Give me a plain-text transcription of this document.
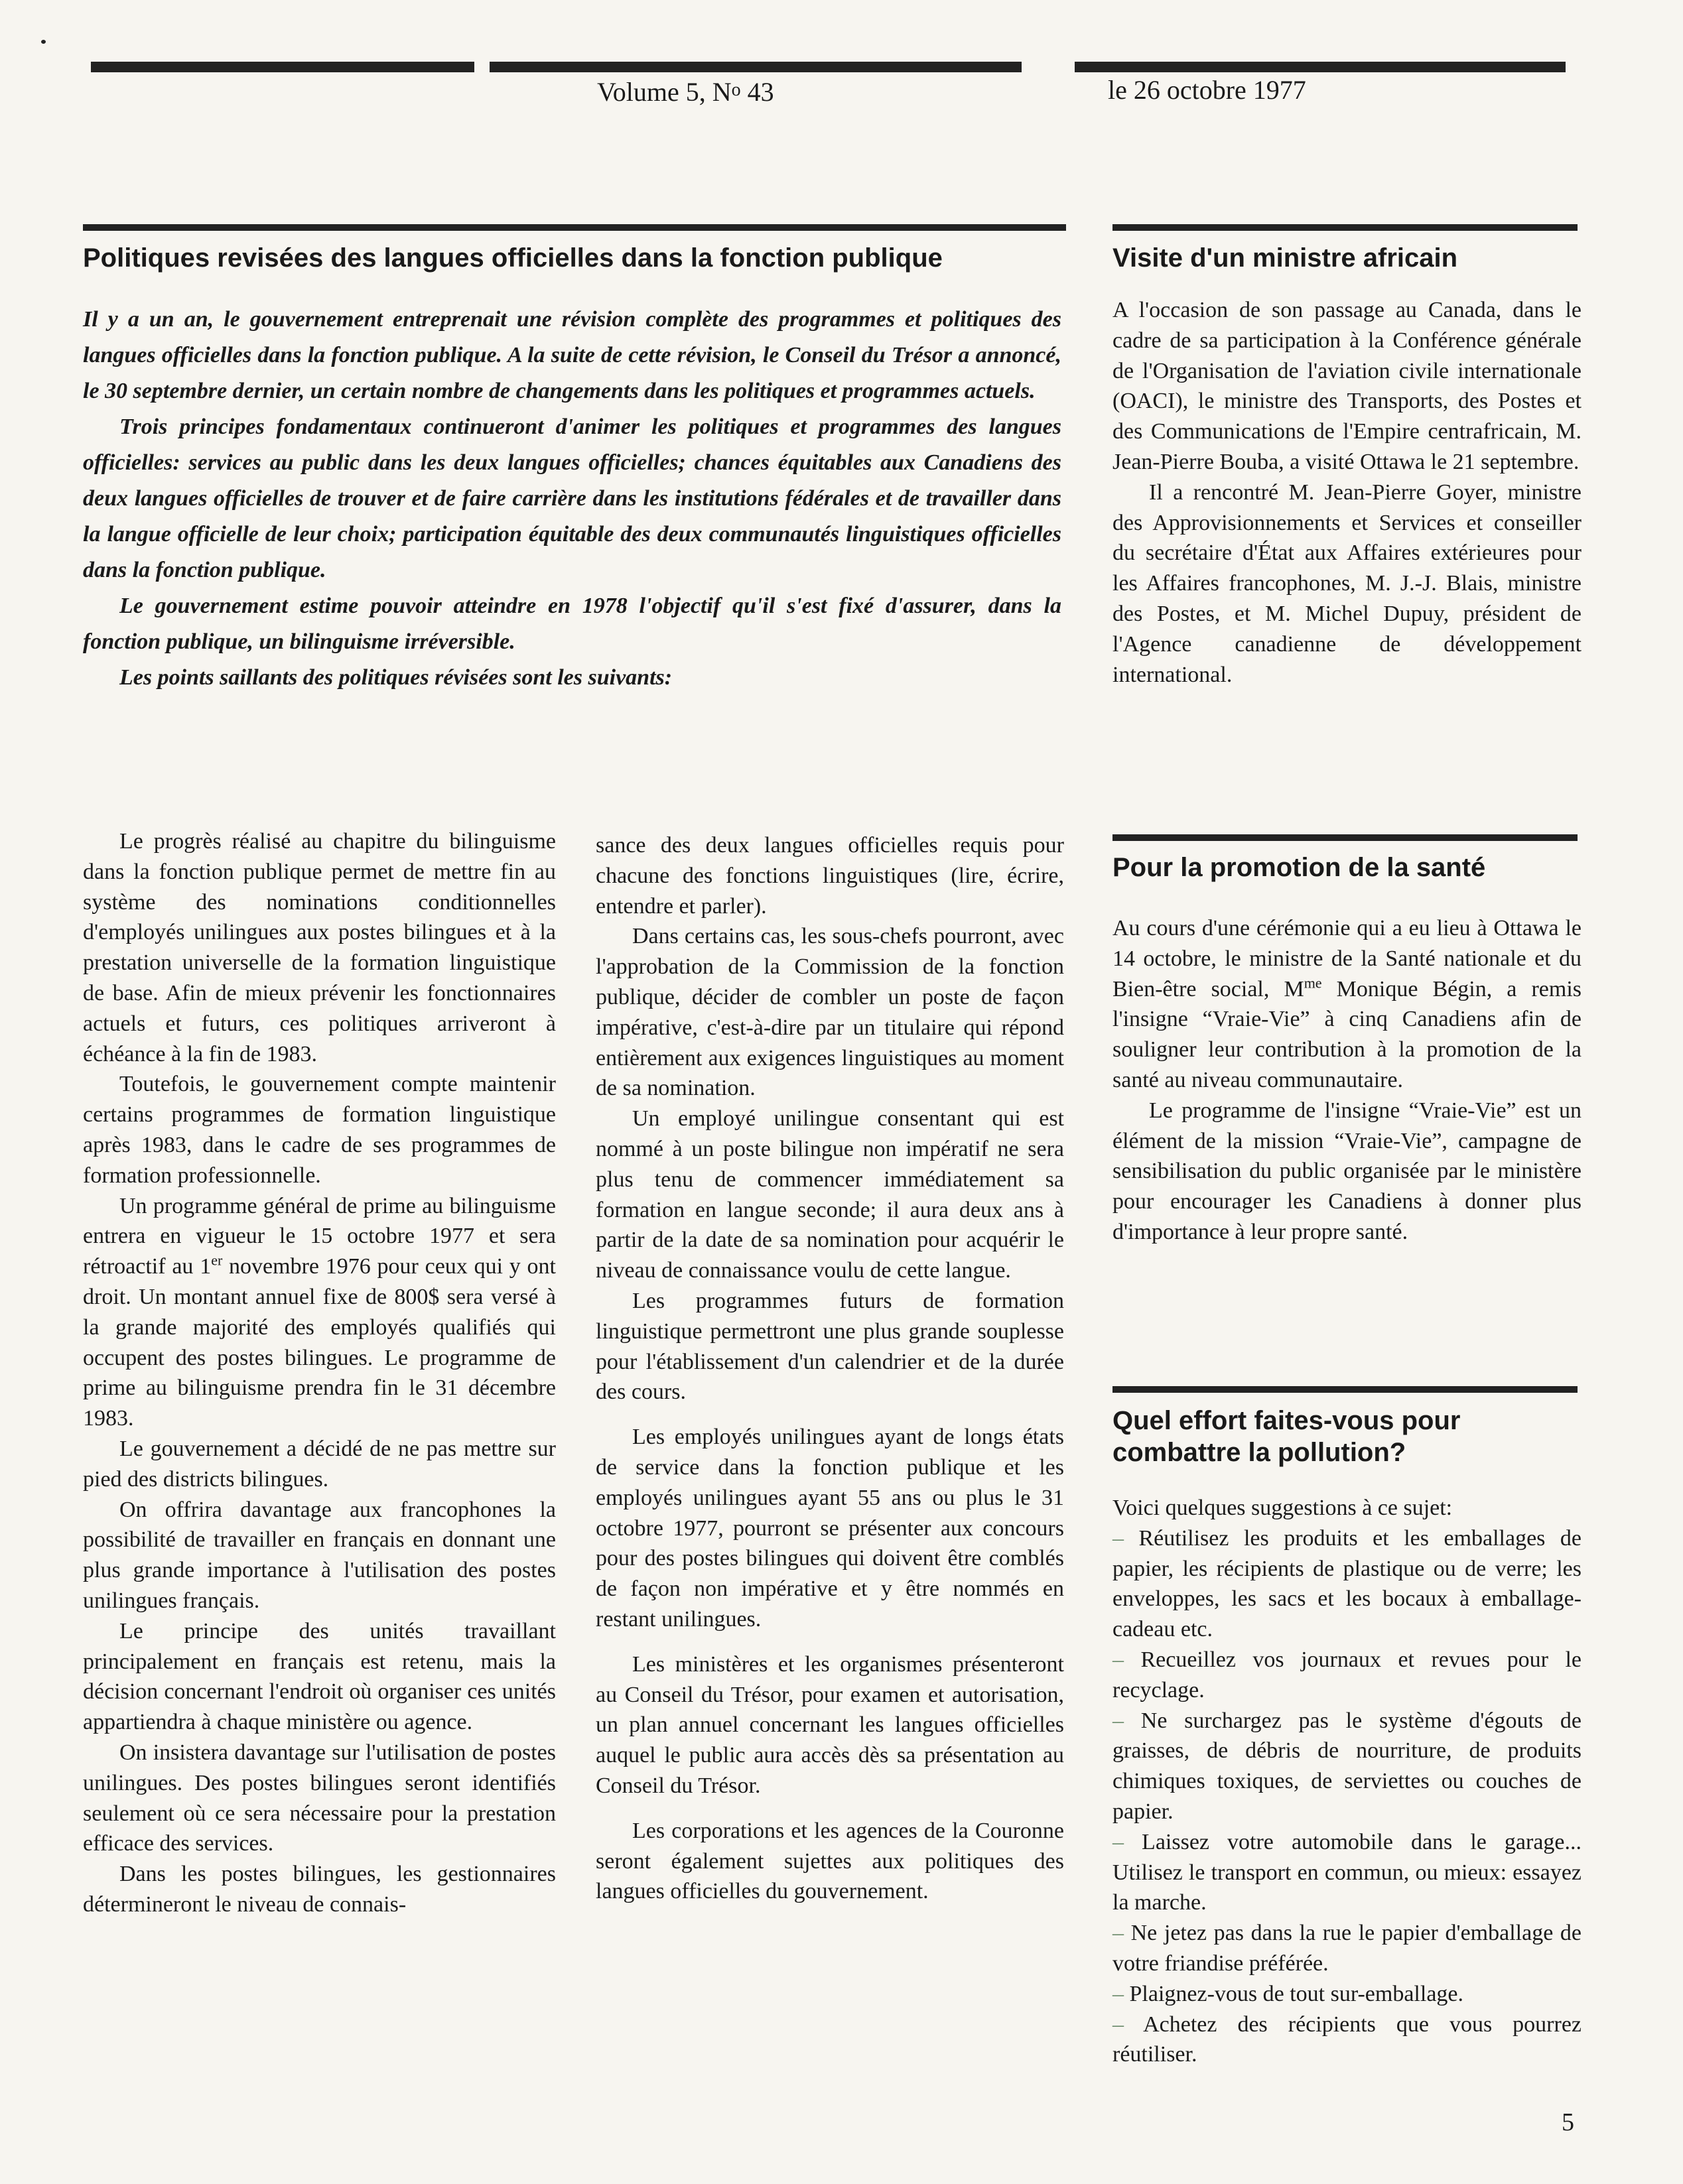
Volume 5, $N^o$ 43	le 26 octobre 1977
Politiques revisées des langues officielles dans la fonction publique

Il y a un an, le gouvernement entreprenait une révision complète des programmes et politiques des langues officielles dans la fonction publique. A la suite de cette révision, le Conseil du Trésor a annoncé, le 30 septembre dernier, un certain nombre de changements dans les politiques et programmes actuels.

Trois principes fondamentaux continueront d'animer les politiques et programmes des langues officielles: services au public dans les deux langues officielles; chances équitables aux Canadiens des deux langues officielles de trouver et de faire carrière dans les institutions fédérales et de travailler dans la langue officielle de leur choix; participation équitable des deux communautés linguistiques officielles dans la fonction publique.

Le gouvernement estime pouvoir atteindre en 1978 l'objectif qu'il s'est fixé d'assurer, dans la fonction publique, un bilinguisme irréversible.

Les points saillants des politiques révisées sont les suivants:

Le progrès réalisé au chapitre du bilinguisme dans la fonction publique permet de mettre fin au système des nominations conditionnelles d'employés unilingues aux postes bilingues et à la prestation universelle de la formation linguistique de base. Afin de mieux prévenir les fonctionnaires actuels et futurs, ces politiques arriveront à échéance à la fin de 1983.

Toutefois, le gouvernement compte maintenir certains programmes de formation linguistique après 1983, dans le cadre de ses programmes de formation professionnelle.

Un programme général de prime au bilinguisme entrera en vigueur le 15 octobre 1977 et sera rétroactif au 1er novembre 1976 pour ceux qui y ont droit. Un montant annuel fixe de 800$ sera versé à la grande majorité des employés qualifiés qui occupent des postes bilingues. Le programme de prime au bilinguisme prendra fin le 31 décembre 1983.

Le gouvernement a décidé de ne pas mettre sur pied des districts bilingues.

On offrira davantage aux francophones la possibilité de travailler en français en donnant une plus grande importance à l'utilisation des postes unilingues français.

Le principe des unités travaillant principalement en français est retenu, mais la décision concernant l'endroit où organiser ces unités appartiendra à chaque ministère ou agence.

On insistera davantage sur l'utilisation de postes unilingues. Des postes bilingues seront identifiés seulement où ce sera nécessaire pour la prestation efficace des services.

Dans les postes bilingues, les gestionnaires détermineront le niveau de connais-

sance des deux langues officielles requis pour chacune des fonctions linguistiques (lire, écrire, entendre et parler).

Dans certains cas, les sous-chefs pourront, avec l'approbation de la Commission de la fonction publique, décider de combler un poste de façon impérative, c'est-à-dire par un titulaire qui répond entièrement aux exigences linguistiques au moment de sa nomination.

Un employé unilingue consentant qui est nommé à un poste bilingue non impératif ne sera plus tenu de commencer immédiatement sa formation en langue seconde; il aura deux ans à partir de la date de sa nomination pour acquérir le niveau de connaissance voulu de cette langue.

Les programmes futurs de formation linguistique permettront une plus grande souplesse pour l'établissement d'un calendrier et de la durée des cours.

Les employés unilingues ayant de longs états de service dans la fonction publique et les employés unilingues ayant 55 ans ou plus le 31 octobre 1977, pourront se présenter aux concours pour des postes bilingues qui doivent être comblés de façon non impérative et y être nommés en restant unilingues.

Les ministères et les organismes présenteront au Conseil du Trésor, pour examen et autorisation, un plan annuel concernant les langues officielles auquel le public aura accès dès sa présentation au Conseil du Trésor.

Les corporations et les agences de la Couronne seront également sujettes aux politiques des langues officielles du gouvernement.

Visite d'un ministre africain

A l'occasion de son passage au Canada, dans le cadre de sa participation à la Conférence générale de l'Organisation de l'aviation civile internationale (OACI), le ministre des Transports, des Postes et des Communications de l'Empire centrafricain, M. Jean-Pierre Bouba, a visité Ottawa le 21 septembre.

Il a rencontré M. Jean-Pierre Goyer, ministre des Approvisionnements et Services et conseiller du secrétaire d'État aux Affaires extérieures pour les Affaires francophones, M. J.-J. Blais, ministre des Postes, et M. Michel Dupuy, président de l'Agence canadienne de développement international.

Pour la promotion de la santé

Au cours d'une cérémonie qui a eu lieu à Ottawa le 14 octobre, le ministre de la Santé nationale et du Bien-être social, $M^{me}$ Monique Bégin, a remis l'insigne “Vraie-Vie” à cinq Canadiens afin de souligner leur contribution à la promotion de la santé au niveau communautaire.

Le programme de l'insigne “Vraie-Vie” est un élément de la mission “Vraie-Vie”, campagne de sensibilisation du public organisée par le ministère pour encourager les Canadiens à donner plus d'importance à leur propre santé.

Quel effort faites-vous pour
combattre la pollution?

Voici quelques suggestions à ce sujet:

– Réutilisez les produits et les emballages de papier, les récipients de plastique ou de verre; les enveloppes, les sacs et les bocaux à emballage-cadeau etc.

– Recueillez vos journaux et revues pour le recyclage.

– Ne surchargez pas le système d'égouts de graisses, de débris de nourriture, de produits chimiques toxiques, de serviettes ou couches de papier.

– Laissez votre automobile dans le garage... Utilisez le transport en commun, ou mieux: essayez la marche.

– Ne jetez pas dans la rue le papier d'emballage de votre friandise préférée.

– Plaignez-vous de tout sur-emballage.

– Achetez des récipients que vous pourrez réutiliser.

5
